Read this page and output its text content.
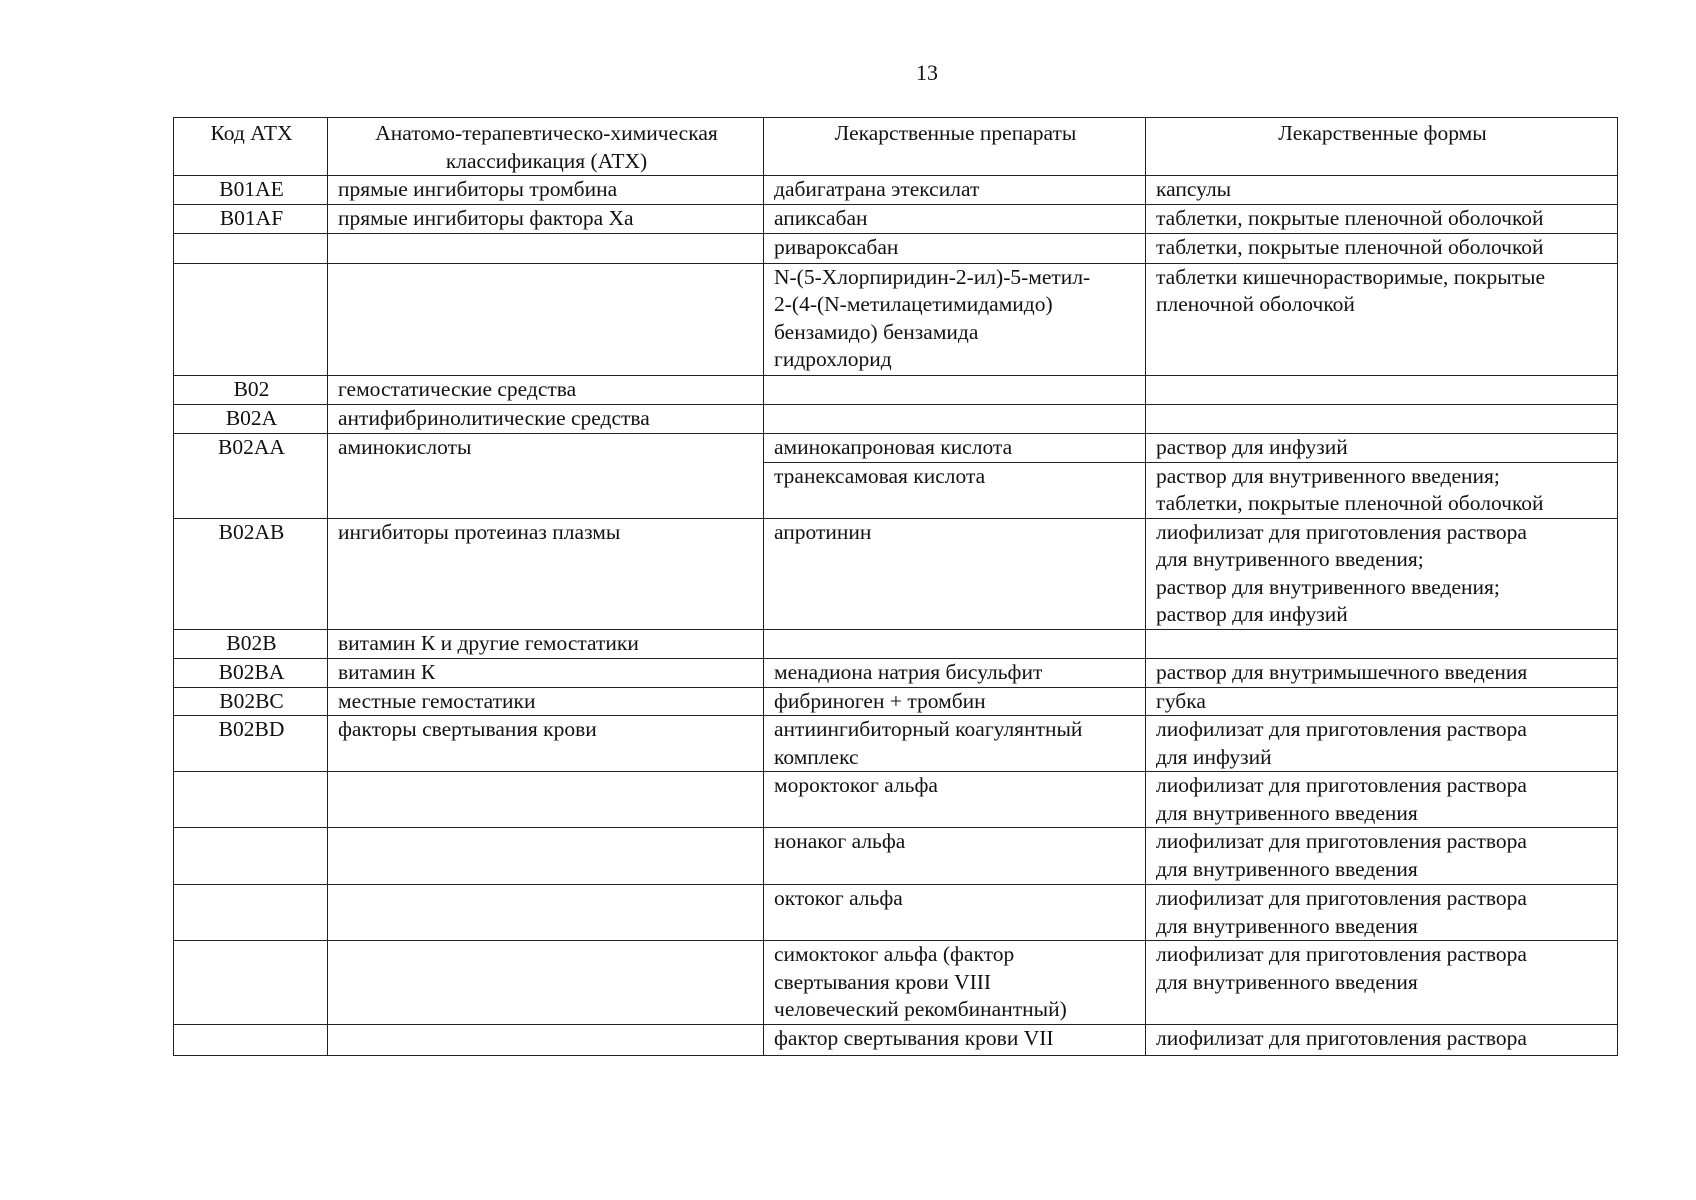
13
Код АТХ	Анатомо-терапевтическо-химическая
классификация (АТХ)	Лекарственные препараты	Лекарственные формы
B01AE	прямые ингибиторы тромбина	дабигатрана этексилат	капсулы
B01AF	прямые ингибиторы фактора Xa	апиксабан	таблетки, покрытые пленочной оболочкой
		ривароксабан	таблетки, покрытые пленочной оболочкой
		N-(5-Хлорпиридин-2-ил)-5-метил-
2-(4-(N-метилацетимидамидо)
бензамидо) бензамида
гидрохлорид	таблетки кишечнорастворимые, покрытые
пленочной оболочкой
B02	гемостатические средства		
B02A	антифибринолитические средства		
B02AA	аминокислоты	аминокапроновая кислота	раствор для инфузий
		транексамовая кислота	раствор для внутривенного введения;
таблетки, покрытые пленочной оболочкой
B02AB	ингибиторы протеиназ плазмы	апротинин	лиофилизат для приготовления раствора
для внутривенного введения;
раствор для внутривенного введения;
раствор для инфузий
B02B	витамин К и другие гемостатики		
B02BA	витамин К	менадиона натрия бисульфит	раствор для внутримышечного введения
B02BC	местные гемостатики	фибриноген + тромбин	губка
B02BD	факторы свертывания крови	антиингибиторный коагулянтный
комплекс	лиофилизат для приготовления раствора
для инфузий
		мороктоког альфа	лиофилизат для приготовления раствора
для внутривенного введения
		нонаког альфа	лиофилизат для приготовления раствора
для внутривенного введения
		октоког альфа	лиофилизат для приготовления раствора
для внутривенного введения
		симоктоког альфа (фактор
свертывания крови VIII
человеческий рекомбинантный)	лиофилизат для приготовления раствора
для внутривенного введения
		фактор свертывания крови VII	лиофилизат для приготовления раствора
